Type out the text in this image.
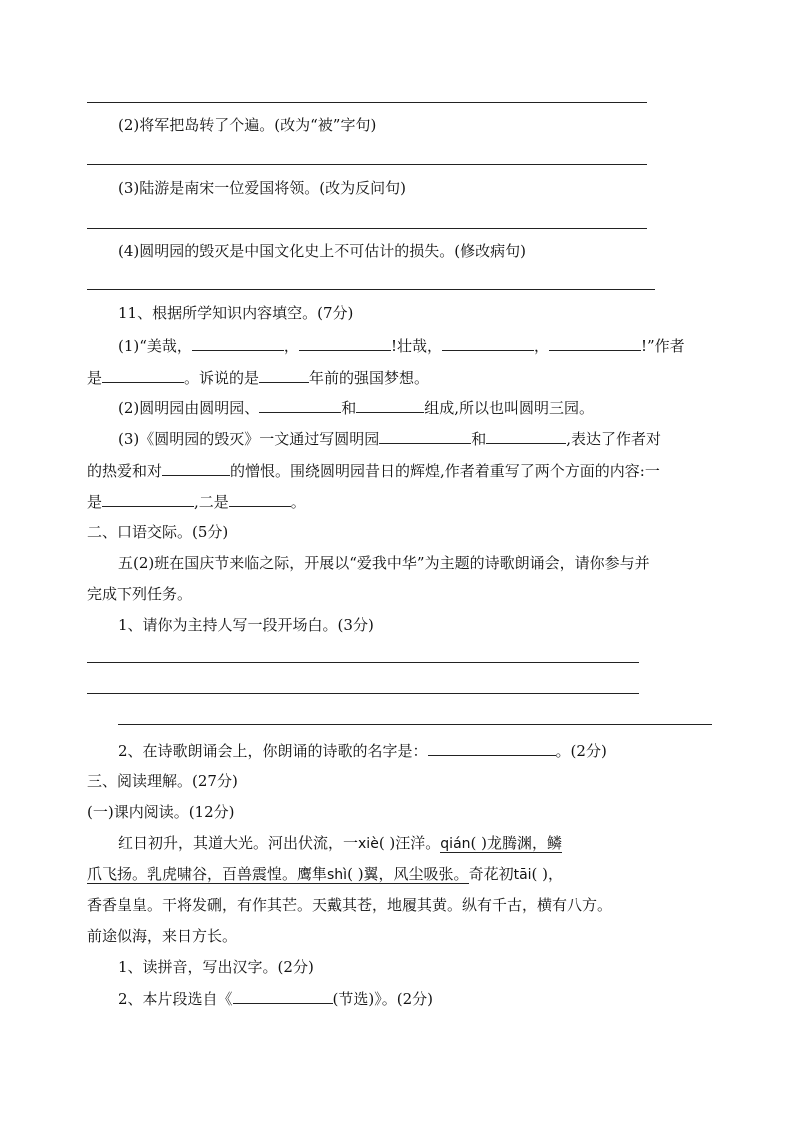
(2)将军把岛转了个遍。(改为“被”字句)
(3)陆游是南宋一位爱国将领。(改为反问句)
(4)圆明园的毁灭是中国文化史上不可估计的损失。(修改病句)
11、根据所学知识内容填空。(7分)
(1)“美哉，	，	!壮哉，	，	!”作者
是	。诉说的是	年前的强国梦想。
(2)圆明园由圆明园、	和	组成,所以也叫圆明三园。
(3)《圆明园的毁灭》一文通过写圆明园	和	,表达了作者对
的热爱和对	的憎恨。围绕圆明园昔日的辉煌,作者着重写了两个方面的内容:一
是	,二是	。
二、口语交际。(5分)
五(2)班在国庆节来临之际，开展以“爱我中华”为主题的诗歌朗诵会，请你参与并
完成下列任务。
1、请你为主持人写一段开场白。(3分)
2、在诗歌朗诵会上，你朗诵的诗歌的名字是：	。(2分)
三、阅读理解。(27分)
(一)课内阅读。(12分)
红日初升，其道大光。河出伏流，一xiè( )汪洋。qián( )龙腾渊，鳞
爪飞扬。乳虎啸谷，百兽震惶。鹰隼shì( )翼，风尘吸张。奇花初tāi( )，
香香皇皇。干将发硎，有作其芒。天戴其苍，地履其黄。纵有千古，横有八方。
前途似海，来日方长。
1、读拼音，写出汉字。(2分)
2、本片段选自《	(节选)》。(2分)
